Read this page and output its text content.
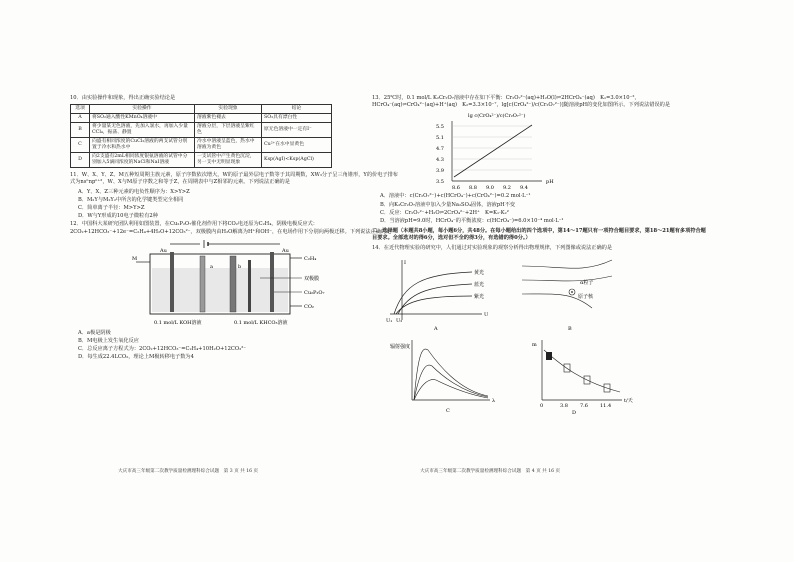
10．由实验操作和现象，得出正确实验结论是
选项	实验操作	实验现象	结论
A	将SO₂通入酸性KMnO₄溶液中	溶液紫色褪去	SO₂具有漂白性
B	将少量某无色溶液，先加入氯水，再加入少量CCl₄，振荡、静置	溶液分层，下层溶液呈紫红色	原无色溶液中一定有I⁻
C	向盛有相同浓度的CuCl₂溶液的两支试管分别置于冷水和热水中	冷水中溶液呈蓝色，热水中溶液为黄色	Cu²⁺在水中显黄色
D	向2支盛有2mL相同浓度银氨溶液的试管中分别加入5滴同浓度的NaCl和NaI溶液	一支试管中产生黄色沉淀，另一支中无明显现象	Ksp(AgI)<Ksp(AgCl)
11．W、X、Y、Z、M五种短周期主族元素，原子序数依次增大，W的原子最外层电子数等于其周期数，XW₃分子呈三角锥形，Y的价电子排布式为nsⁿnpⁿ⁺²，W、X与M原子序数之和等于Z，在周期表中与Z相邻的元素。下列说法正确的是
A．Y、X、Z三种元素的电负性顺序为：X>Y>Z
B．M₂Y与M₂Y₂中所含的化学键类型完全相同
C．简单离子半径：M>Y>Z
D．W与Y形成的10电子微粒有2种
12．中国科大某研究团队利用如图装置，在Cu₂P₂O₇催化剂作用下将CO₂电还原为C₂H₄，阴极电极反应式：2CO₂+12HCO₃⁻+12e⁻=C₂H₄+4H₂O+12CO₃²⁻，双极膜内由H₂O解离为H⁺和OH⁻，在电场作用下分别向两极迁移。下列说法正确的是
Au	Au
M
a	b
C₂H₄
双极膜
Cu₂P₂O₇
CO₂
0.1 mol/L KOH溶液	0.1 mol/L KHCO₃溶液
A．a极是阴极
B．M电极上发生氧化反应
C．总反应离子方程式为：2CO₂+12HCO₃⁻=C₂H₄+10H₂O+12CO₃²⁻
D．每生成22.4LCO₂，理论上M极转移电子数为4
大庆市高三年级第二次教学质量检测理科综合试题　第 3 页 共 16 页
13．25℃时，0.1 mol/L K₂Cr₂O₇溶液中存在如下平衡：Cr₂O₇²⁻(aq)+H₂O(l)⇌2HCrO₄⁻(aq)　K₁=3.0×10⁻²，HCrO₄⁻(aq)⇌CrO₄²⁻(aq)+H⁺(aq)　K₂=3.3×10⁻⁷，lg[c(CrO₄²⁻)/c(Cr₂O₇²⁻)]随溶液pH的变化如图所示。下列说法错误的是
lg c(CrO₄²⁻)/c(Cr₂O₇²⁻)
5.5
5.1
4.7
4.3
3.9
3.5
8.6 8.8 9.0 9.2 9.4
pH
A．溶液中：c(Cr₂O₇²⁻)+c(HCrO₄⁻)+c(CrO₄²⁻)=0.2 mol·L⁻¹
B．向K₂Cr₂O₇溶液中加入少量Na₂SO₄固体，溶液pH不变
C．反应：Cr₂O₇²⁻+H₂O⇌2CrO₄²⁻+2H⁺　K=K₁·K₂²
D．当溶液pH=9.0时，HCrO₄⁻的平衡浓度：c(HCrO₄⁻)=6.0×10⁻⁴ mol·L⁻¹
二、选择题（本题共8小题，每小题6分，共48分。在每小题给出的四个选项中，第14～17题只有一项符合题目要求，第18～21题有多项符合题目要求。全部选对的得6分，选对但不全的得3分，有选错的得0分。）
14．在近代物理实验的研究中，人们通过对实验现象的观察分析得出物理规律，下列图像或说法正确的是
I
U
黄光
蓝光
紫光
U₁ U₂
A
α粒子
原子核
B
辐射强度
λ
C
m
0	3.8 7.6 11.4
t/天
D
大庆市高三年级第二次教学质量检测理科综合试题　第 4 页 共 16 页
